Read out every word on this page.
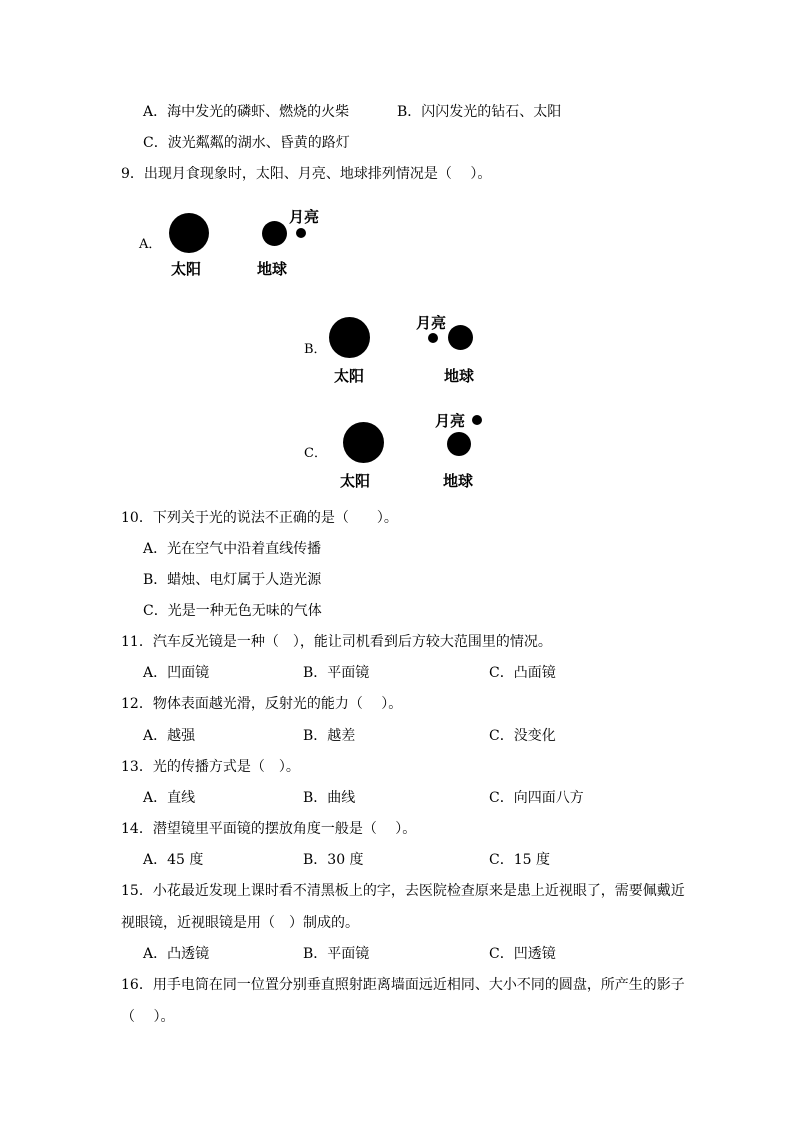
A．海中发光的磷虾、燃烧的火柴	B．闪闪发光的钻石、太阳
C．波光粼粼的湖水、昏黄的路灯
9．出现月食现象时，太阳、月亮、地球排列情况是（　 ）。
A．
太阳	地球
月亮
B．
太阳	地球
月亮
C．
太阳	地球
月亮
10．下列关于光的说法不正确的是（　　）。
A．光在空气中沿着直线传播
B．蜡烛、电灯属于人造光源
C．光是一种无色无味的气体
11．汽车反光镜是一种（　），能让司机看到后方较大范围里的情况。
A．凹面镜	B．平面镜	C．凸面镜
12．物体表面越光滑，反射光的能力（　 ）。
A．越强	B．越差	C．没变化
13．光的传播方式是（　）。
A．直线	B．曲线	C．向四面八方
14．潜望镜里平面镜的摆放角度一般是（　 ）。
A．45 度	B．30 度	C．15 度
15．小花最近发现上课时看不清黑板上的字，去医院检查原来是患上近视眼了，需要佩戴近
视眼镜，近视眼镜是用（　）制成的。
A．凸透镜	B．平面镜	C．凹透镜
16．用手电筒在同一位置分别垂直照射距离墙面远近相同、大小不同的圆盘，所产生的影子
（　 ）。
